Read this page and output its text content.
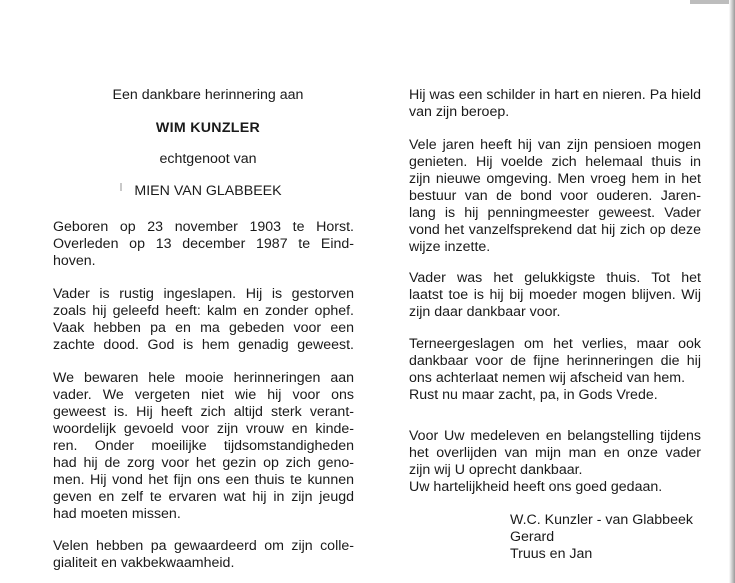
Een dankbare herinnering aan
WIM KUNZLER
echtgenoot van
MIEN VAN GLABBEEK
Geboren op 23 november 1903 te Horst.
Overleden op 13 december 1987 te Eind-
hoven.
Vader is rustig ingeslapen. Hij is gestorven
zoals hij geleefd heeft: kalm en zonder ophef.
Vaak hebben pa en ma gebeden voor een
zachte dood. God is hem genadig geweest.
We bewaren hele mooie herinneringen aan
vader. We vergeten niet wie hij voor ons
geweest is. Hij heeft zich altijd sterk verant-
woordelijk gevoeld voor zijn vrouw en kinde-
ren. Onder moeilijke tijdsomstandigheden
had hij de zorg voor het gezin op zich geno-
men. Hij vond het fijn ons een thuis te kunnen
geven en zelf te ervaren wat hij in zijn jeugd
had moeten missen.
Velen hebben pa gewaardeerd om zijn colle-
gialiteit en vakbekwaamheid.
Hij was een schilder in hart en nieren. Pa hield
van zijn beroep.
Vele jaren heeft hij van zijn pensioen mogen
genieten. Hij voelde zich helemaal thuis in
zijn nieuwe omgeving. Men vroeg hem in het
bestuur van de bond voor ouderen. Jaren-
lang is hij penningmeester geweest. Vader
vond het vanzelfsprekend dat hij zich op deze
wijze inzette.
Vader was het gelukkigste thuis. Tot het
laatst toe is hij bij moeder mogen blijven. Wij
zijn daar dankbaar voor.
Terneergeslagen om het verlies, maar ook
dankbaar voor de fijne herinneringen die hij
ons achterlaat nemen wij afscheid van hem.
Rust nu maar zacht, pa, in Gods Vrede.
Voor Uw medeleven en belangstelling tijdens
het overlijden van mijn man en onze vader
zijn wij U oprecht dankbaar.
Uw hartelijkheid heeft ons goed gedaan.
W.C. Kunzler - van Glabbeek
Gerard
Truus en Jan
